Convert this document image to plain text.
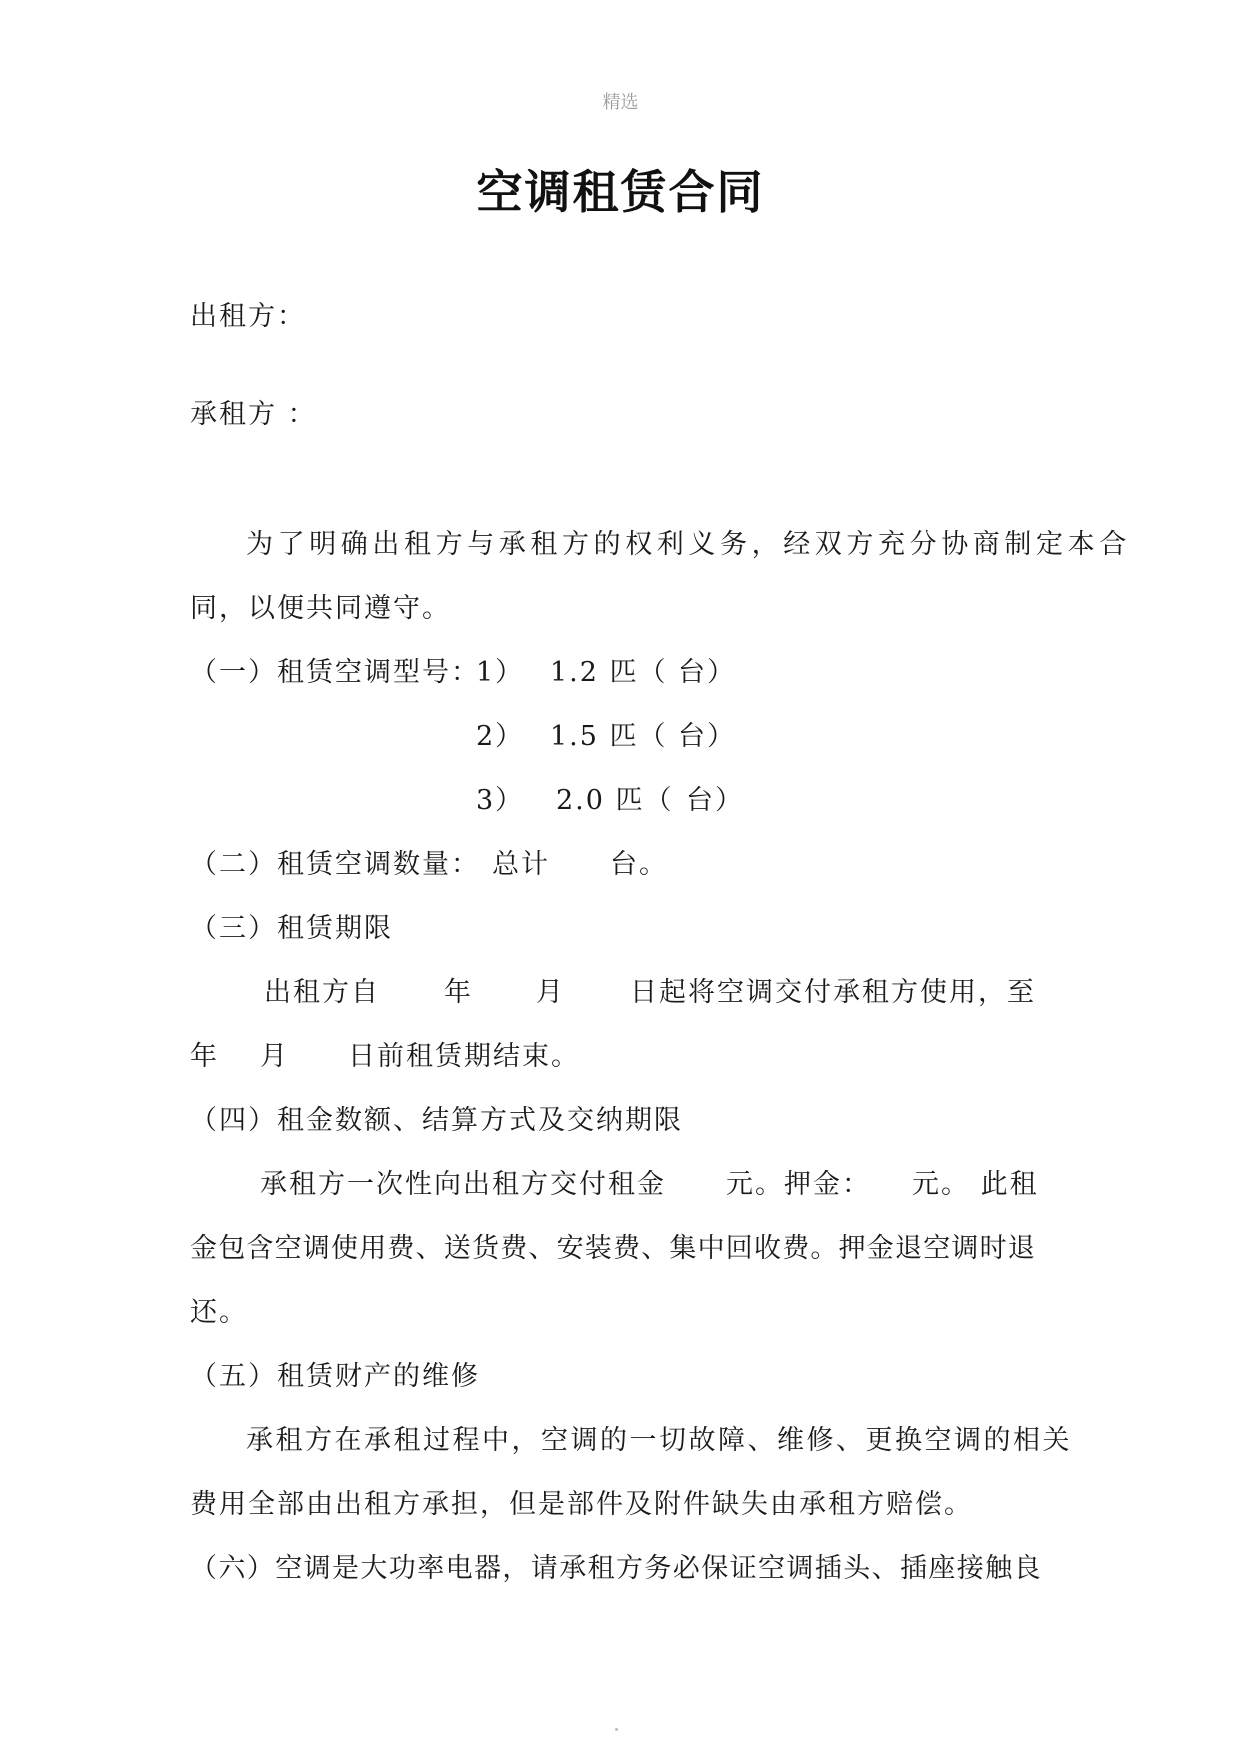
精选
空调租赁合同
出租方：
承租方 ：
为了明确出租方与承租方的权利义务，经双方充分协商制定本合
同，以便共同遵守。
（一）租赁空调型号：
1） 1.2 匹（ 台）
2） 1.5 匹（ 台）
3） 2.0 匹（ 台）
（二）租赁空调数量： 总计 台。
（三）租赁期限
出租方自 年 月 日起将空调交付承租方使用，至
年 月 日前租赁期结束。
（四）租金数额、结算方式及交纳期限
承租方一次性向出租方交付租金 元。押金： 元。 此租
金包含空调使用费、送货费、安装费、集中回收费。押金退空调时退
还。
（五）租赁财产的维修
承租方在承租过程中，空调的一切故障、维修、更换空调的相关
费用全部由出租方承担，但是部件及附件缺失由承租方赔偿。
（六）空调是大功率电器，请承租方务必保证空调插头、插座接触良
